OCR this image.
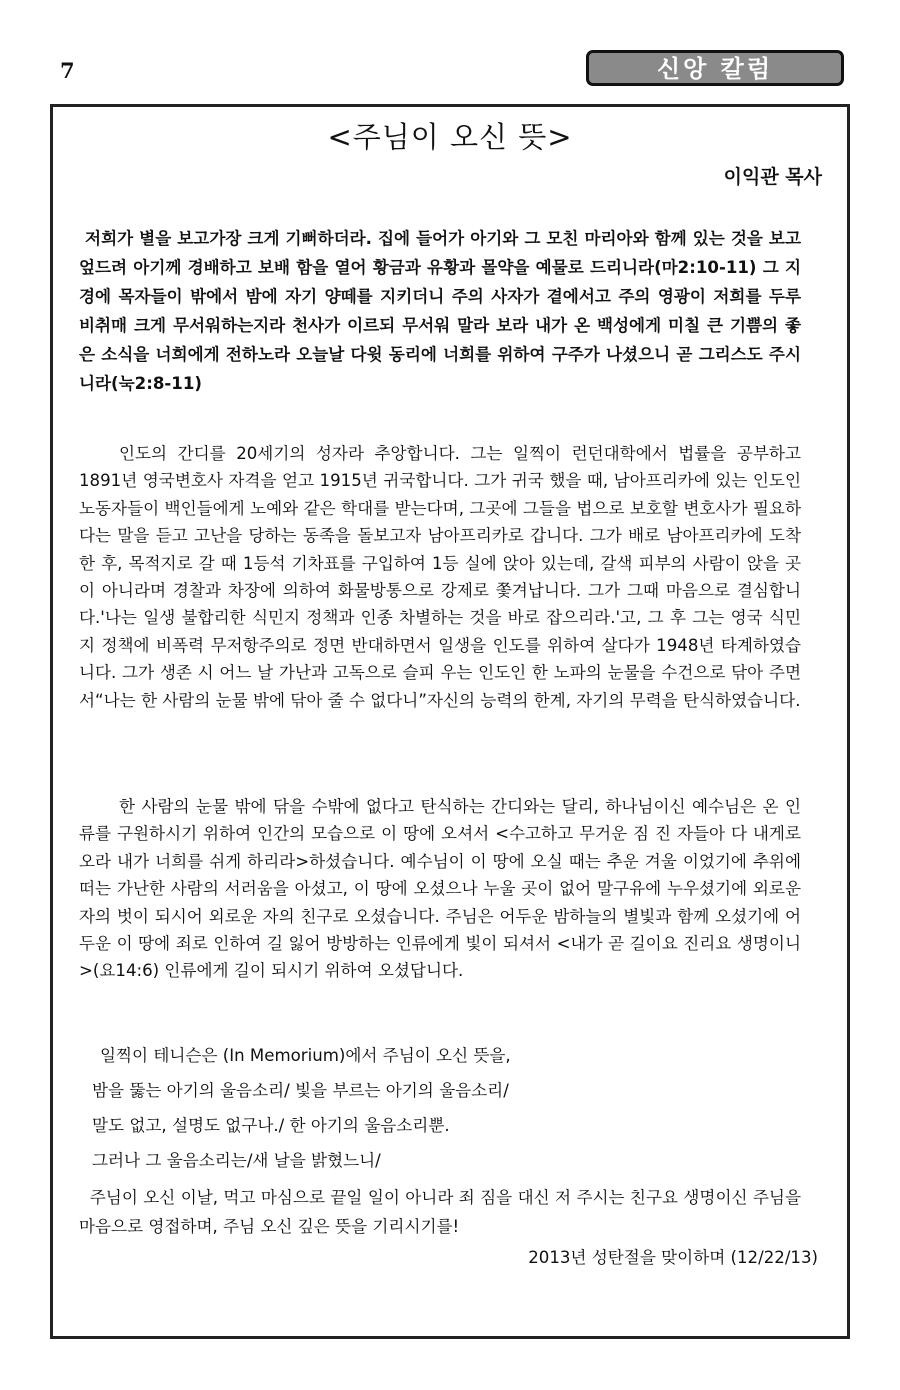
7	신앙 칼럼
<주님이 오신 뜻>
이익관 목사
저희가 별을 보고가장 크게 기뻐하더라. 집에 들어가 아기와 그 모친 마리아와 함께 있는 것을 보고 엎드려 아기께 경배하고 보배 함을 열어 황금과 유황과 몰약을 예물로 드리니라(마2:10-11) 그 지경에 목자들이 밖에서 밤에 자기 양떼를 지키더니 주의 사자가 곁에서고 주의 영광이 저희를 두루 비취매 크게 무서워하는지라 천사가 이르되 무서워 말라 보라 내가 온 백성에게 미칠 큰 기쁨의 좋은 소식을 너희에게 전하노라 오늘날 다윗 동리에 너희를 위하여 구주가 나셨으니 곧 그리스도 주시니라(눅2:8-11)
인도의 간디를 20세기의 성자라 추앙합니다. 그는 일찍이 런던대학에서 법률을 공부하고 1891년 영국변호사 자격을 얻고 1915년 귀국합니다. 그가 귀국 했을 때, 남아프리카에 있는 인도인 노동자들이 백인들에게 노예와 같은 학대를 받는다며, 그곳에 그들을 법으로 보호할 변호사가 필요하다는 말을 듣고 고난을 당하는 동족을 돌보고자 남아프리카로 갑니다. 그가 배로 남아프리카에 도착한 후, 목적지로 갈 때 1등석 기차표를 구입하여 1등 실에 앉아 있는데, 갈색 피부의 사람이 앉을 곳이 아니라며 경찰과 차장에 의하여 화물방통으로 강제로 쫓겨납니다. 그가 그때 마음으로 결심합니다.'나는 일생 불합리한 식민지 정책과 인종 차별하는 것을 바로 잡으리라.'고, 그 후 그는 영국 식민지 정책에 비폭력 무저항주의로 정면 반대하면서 일생을 인도를 위하여 살다가 1948년 타계하였습니다. 그가 생존 시 어느 날 가난과 고독으로 슬피 우는 인도인 한 노파의 눈물을 수건으로 닦아 주면서“나는 한 사람의 눈물 밖에 닦아 줄 수 없다니”자신의 능력의 한계, 자기의 무력을 탄식하였습니다.
한 사람의 눈물 밖에 닦을 수밖에 없다고 탄식하는 간디와는 달리, 하나님이신 예수님은 온 인류를 구원하시기 위하여 인간의 모습으로 이 땅에 오셔서 <수고하고 무거운 짐 진 자들아 다 내게로 오라 내가 너희를 쉬게 하리라>하셨습니다. 예수님이 이 땅에 오실 때는 추운 겨울 이었기에 추위에 떠는 가난한 사람의 서러움을 아셨고, 이 땅에 오셨으나 누울 곳이 없어 말구유에 누우셨기에 외로운 자의 벗이 되시어 외로운 자의 친구로 오셨습니다. 주님은 어두운 밤하늘의 별빛과 함께 오셨기에 어두운 이 땅에 죄로 인하여 길 잃어 방방하는 인류에게 빛이 되셔서 <내가 곧 길이요 진리요 생명이니>(요14:6) 인류에게 길이 되시기 위하여 오셨답니다.
일찍이 테니슨은 (In Memorium)에서 주님이 오신 뜻을,
밤을 뚫는 아기의 울음소리/ 빛을 부르는 아기의 울음소리/
말도 없고, 설명도 없구나./ 한 아기의 울음소리뿐.
그러나 그 울음소리는/새 날을 밝혔느니/
주님이 오신 이날, 먹고 마심으로 끝일 일이 아니라 죄 짐을 대신 저 주시는 친구요 생명이신 주님을 마음으로 영접하며, 주님 오신 깊은 뜻을 기리시기를!
2013년 성탄절을 맞이하며 (12/22/13)
